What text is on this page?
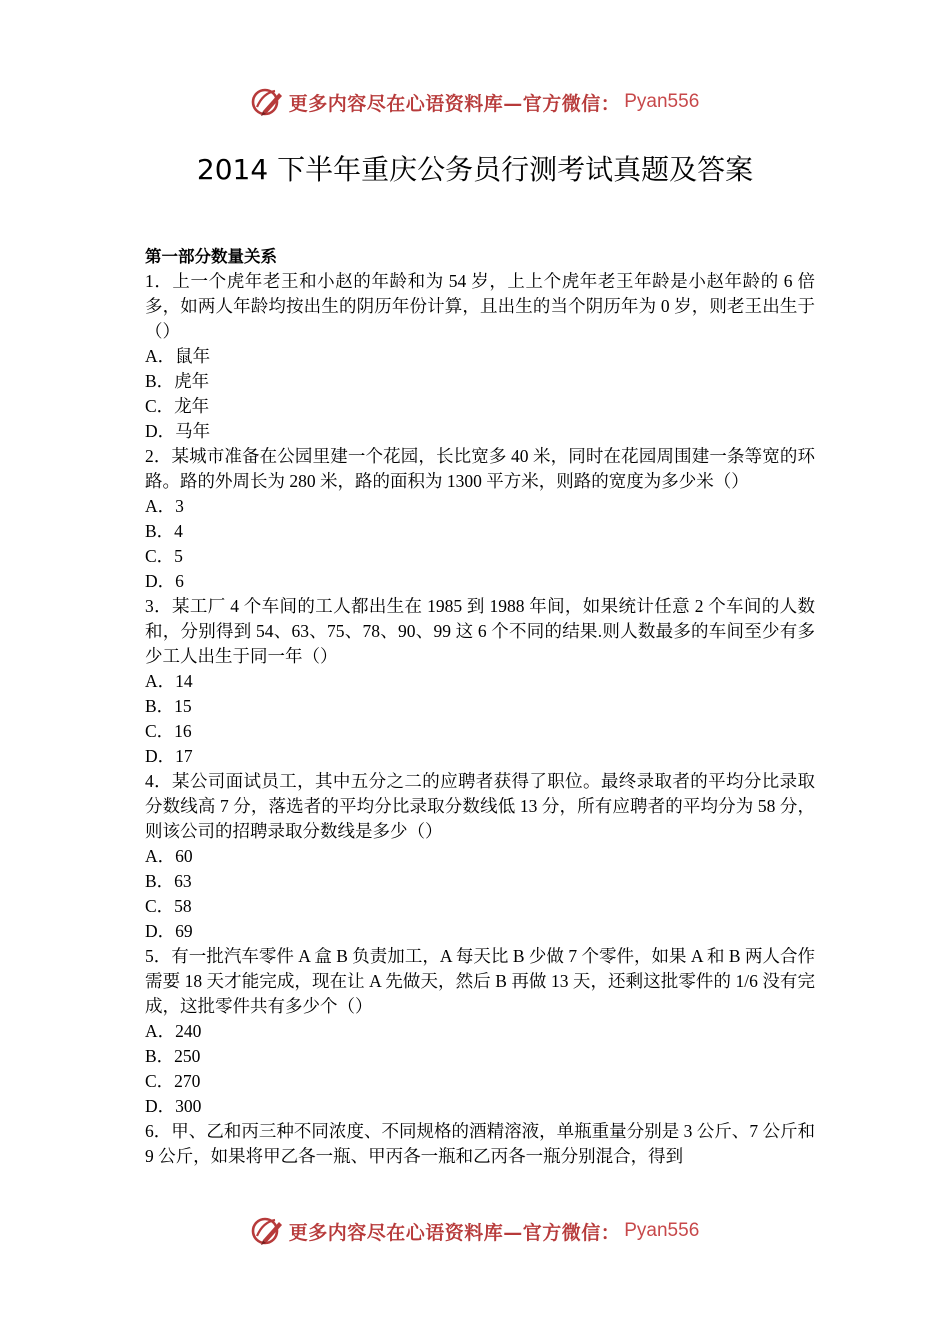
更多内容尽在心语资料库—官方微信： Pyan556
2014 下半年重庆公务员行测考试真题及答案

第一部分数量关系

1．上一个虎年老王和小赵的年龄和为 54 岁，上上个虎年老王年龄是小赵年龄的 6 倍多，如两人年龄均按出生的阴历年份计算，且出生的当个阴历年为 0 岁，则老王出生于（）

A．鼠年

B．虎年

C．龙年

D．马年

2．某城市准备在公园里建一个花园，长比宽多 40 米，同时在花园周围建一条等宽的环路。路的外周长为 280 米，路的面积为 1300 平方米，则路的宽度为多少米（）

A．3

B．4

C．5

D．6

3．某工厂 4 个车间的工人都出生在 1985 到 1988 年间，如果统计任意 2 个车间的人数和，分别得到 54、63、75、78、90、99 这 6 个不同的结果.则人数最多的车间至少有多少工人出生于同一年（）

A．14

B．15

C．16

D．17

4．某公司面试员工，其中五分之二的应聘者获得了职位。最终录取者的平均分比录取分数线高 7 分，落选者的平均分比录取分数线低 13 分，所有应聘者的平均分为 58 分，则该公司的招聘录取分数线是多少（）

A．60

B．63

C．58

D．69

5．有一批汽车零件 A 盒 B 负责加工，A 每天比 B 少做 7 个零件，如果 A 和 B 两人合作需要 18 天才能完成，现在让 A 先做天，然后 B 再做 13 天，还剩这批零件的 1/6 没有完成，这批零件共有多少个（）

A．240

B．250

C．270

D．300

6．甲、乙和丙三种不同浓度、不同规格的酒精溶液，单瓶重量分别是 3 公斤、7 公斤和 9 公斤，如果将甲乙各一瓶、甲丙各一瓶和乙丙各一瓶分别混合，得到

更多内容尽在心语资料库—官方微信： Pyan556
